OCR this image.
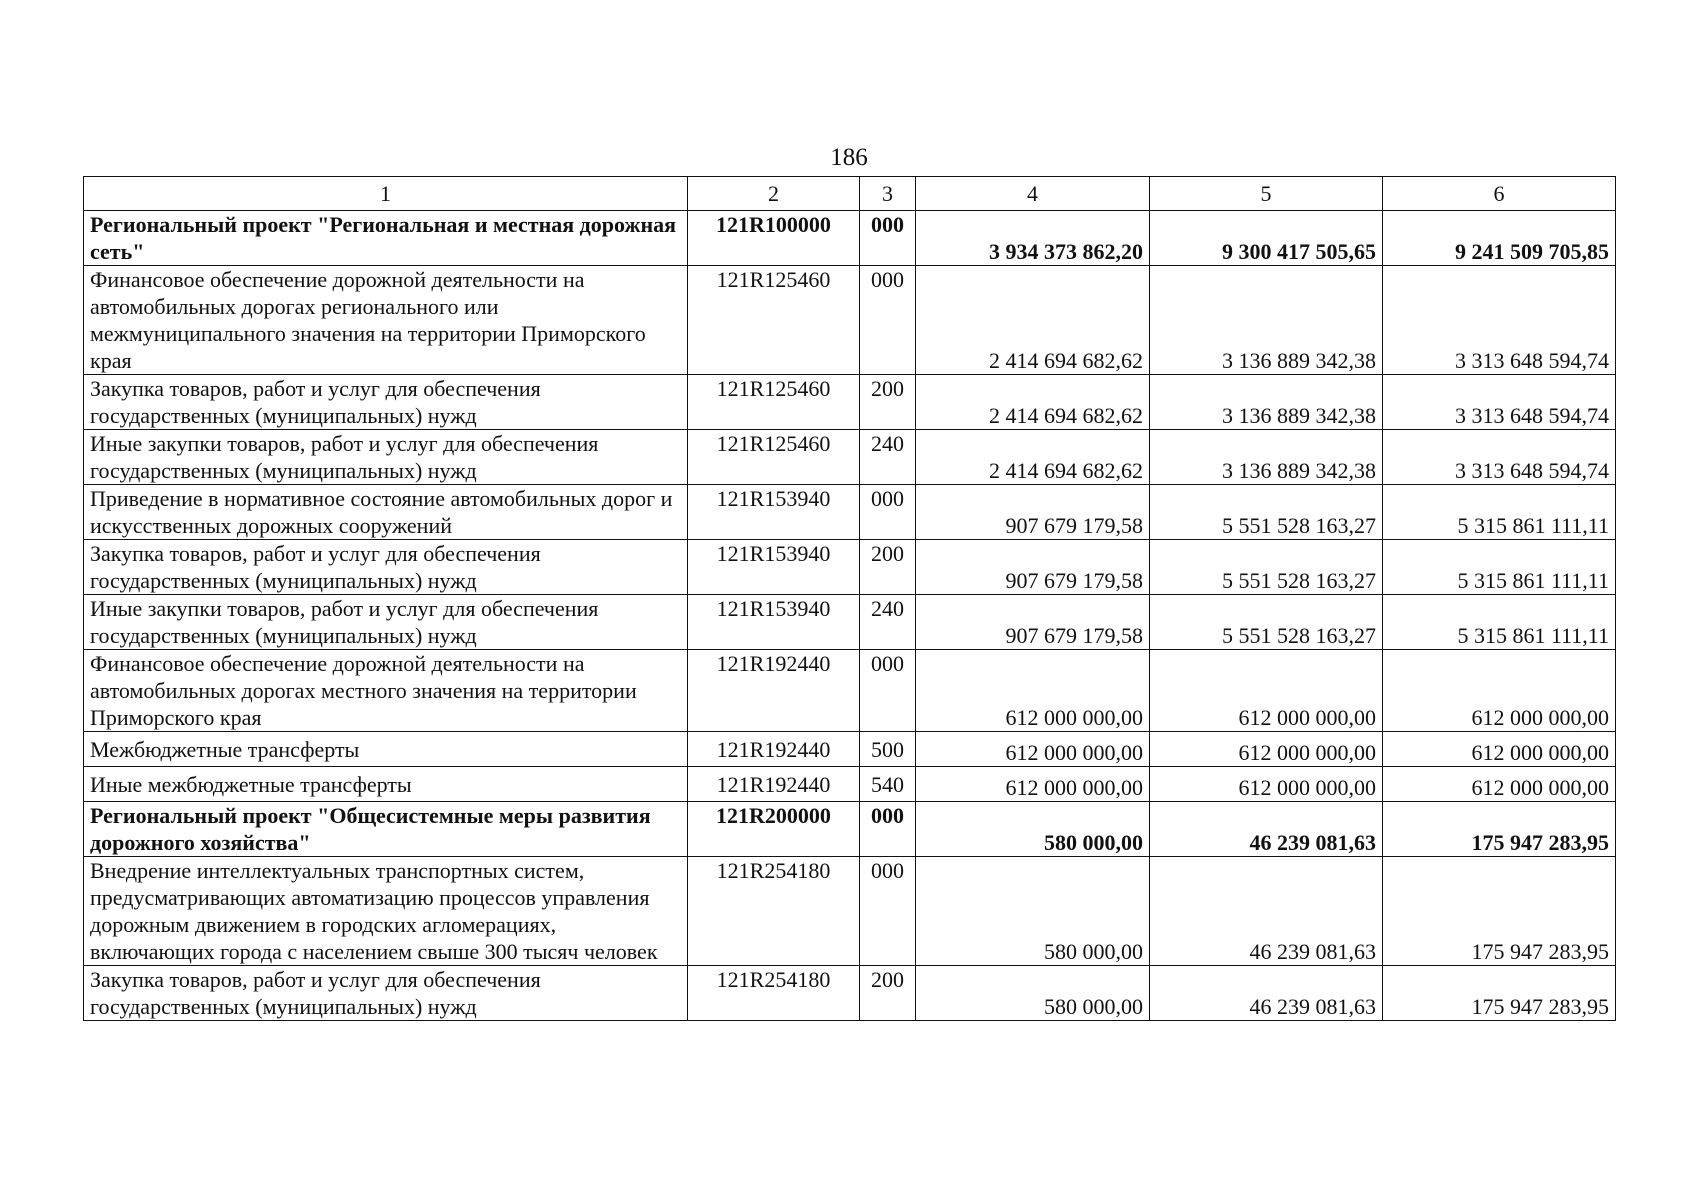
186
1	2	3	4	5	6
Региональный проект "Региональная и местная дорожная сеть"	121R100000	000	3 934 373 862,20	9 300 417 505,65	9 241 509 705,85
Финансовое обеспечение дорожной деятельности на автомобильных дорогах регионального или межмуниципального значения на территории Приморского края	121R125460	000	2 414 694 682,62	3 136 889 342,38	3 313 648 594,74
Закупка товаров, работ и услуг для обеспечения государственных (муниципальных) нужд	121R125460	200	2 414 694 682,62	3 136 889 342,38	3 313 648 594,74
Иные закупки товаров, работ и услуг для обеспечения государственных (муниципальных) нужд	121R125460	240	2 414 694 682,62	3 136 889 342,38	3 313 648 594,74
Приведение в нормативное состояние автомобильных дорог и искусственных дорожных сооружений	121R153940	000	907 679 179,58	5 551 528 163,27	5 315 861 111,11
Закупка товаров, работ и услуг для обеспечения государственных (муниципальных) нужд	121R153940	200	907 679 179,58	5 551 528 163,27	5 315 861 111,11
Иные закупки товаров, работ и услуг для обеспечения государственных (муниципальных) нужд	121R153940	240	907 679 179,58	5 551 528 163,27	5 315 861 111,11
Финансовое обеспечение дорожной деятельности на автомобильных дорогах местного значения на территории Приморского края	121R192440	000	612 000 000,00	612 000 000,00	612 000 000,00
Межбюджетные трансферты	121R192440	500	612 000 000,00	612 000 000,00	612 000 000,00
Иные межбюджетные трансферты	121R192440	540	612 000 000,00	612 000 000,00	612 000 000,00
Региональный проект "Общесистемные меры развития дорожного хозяйства"	121R200000	000	580 000,00	46 239 081,63	175 947 283,95
Внедрение интеллектуальных транспортных систем, предусматривающих автоматизацию процессов управления дорожным движением в городских агломерациях, включающих города с населением свыше 300 тысяч человек	121R254180	000	580 000,00	46 239 081,63	175 947 283,95
Закупка товаров, работ и услуг для обеспечения государственных (муниципальных) нужд	121R254180	200	580 000,00	46 239 081,63	175 947 283,95
